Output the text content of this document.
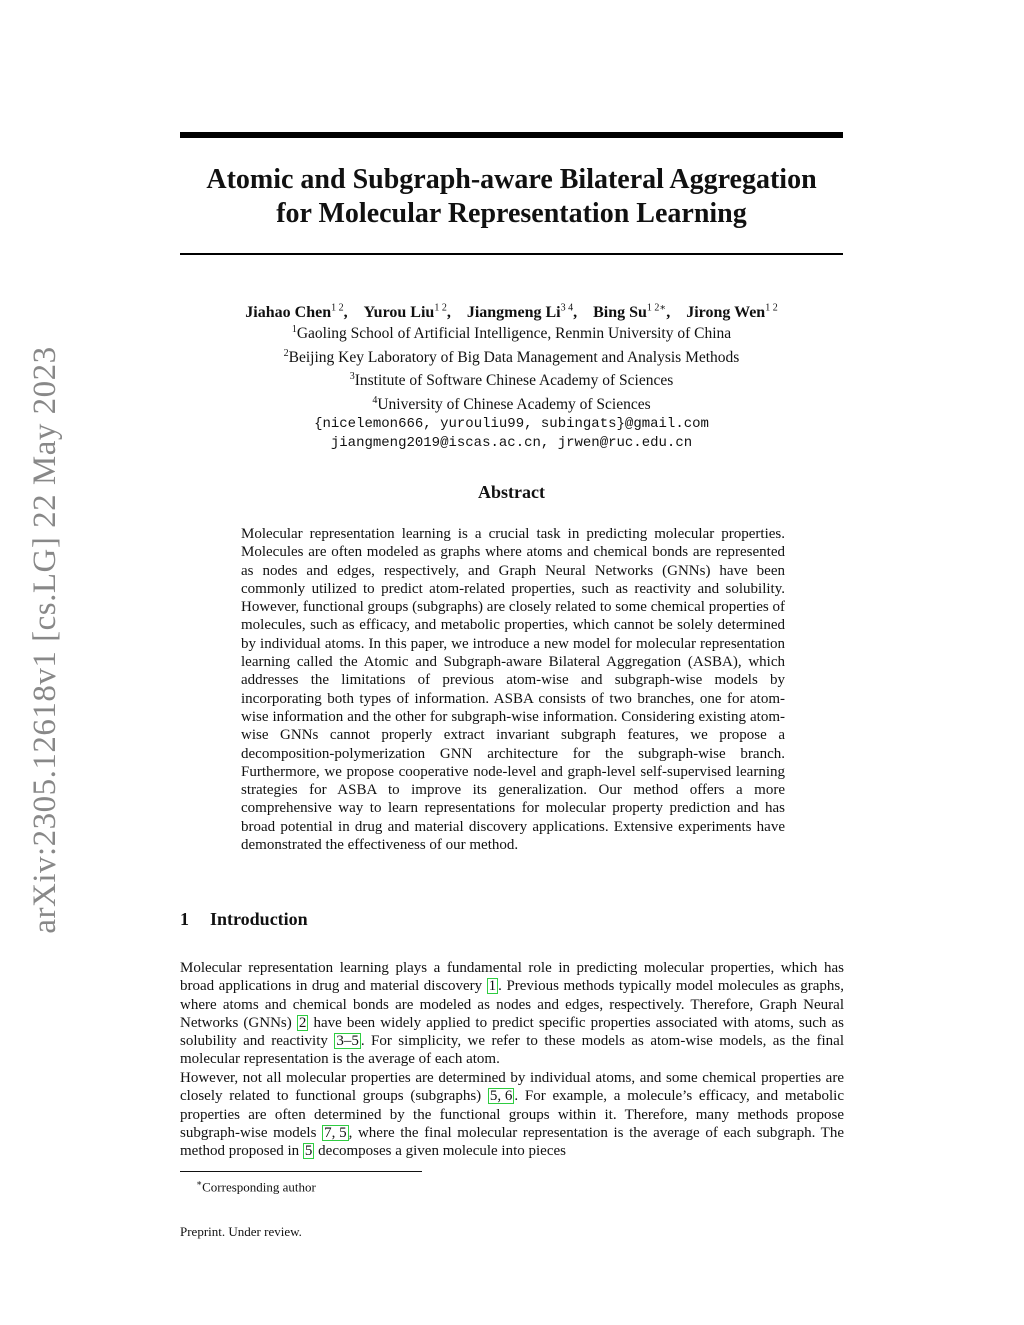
arXiv:2305.12618v1 [cs.LG] 22 May 2023
Atomic and Subgraph-aware Bilateral Aggregation
for Molecular Representation Learning
Jiahao Chen$^{1 2}$, Yurou Liu$^{1 2}$, Jiangmeng $Li^{3 4}$, Bing $Su^{1 2∗}$, Jirong Wen$^{1 2}$
$^1$Gaoling School of Artificial Intelligence, Renmin University of China
$^2$Beijing Key Laboratory of Big Data Management and Analysis Methods
$^3$Institute of Software Chinese Academy of Sciences
$^4$University of Chinese Academy of Sciences
{nicelemon666, yurouliu99, subingats}@gmail.com
jiangmeng2019@iscas.ac.cn, jrwen@ruc.edu.cn
Abstract

Molecular representation learning is a crucial task in predicting molecular properties. Molecules are often modeled as graphs where atoms and chemical bonds are represented as nodes and edges, respectively, and Graph Neural Networks (GNNs) have been commonly utilized to predict atom-related properties, such as reactivity and solubility. However, functional groups (subgraphs) are closely related to some chemical properties of molecules, such as efficacy, and metabolic properties, which cannot be solely determined by individual atoms. In this paper, we introduce a new model for molecular representation learning called the Atomic and Subgraph-aware Bilateral Aggregation (ASBA), which addresses the limitations of previous atom-wise and subgraph-wise models by incorporating both types of information. ASBA consists of two branches, one for atom-wise information and the other for subgraph-wise information. Considering existing atom-wise GNNs cannot properly extract invariant subgraph features, we propose a decomposition-polymerization GNN architecture for the subgraph-wise branch. Furthermore, we propose cooperative node-level and graph-level self-supervised learning strategies for ASBA to improve its generalization. Our method offers a more comprehensive way to learn representations for molecular property prediction and has broad potential in drug and material discovery applications. Extensive experiments have demonstrated the effectiveness of our method.

1 Introduction

Molecular representation learning plays a fundamental role in predicting molecular properties, which has broad applications in drug and material discovery 1 . Previous methods typically model molecules as graphs, where atoms and chemical bonds are modeled as nodes and edges, respectively. Therefore, Graph Neural Networks (GNNs) 2 have been widely applied to predict specific properties associated with atoms, such as solubility and reactivity 3–5 . For simplicity, we refer to these models as atom-wise models, as the final molecular representation is the average of each atom.

However, not all molecular properties are determined by individual atoms, and some chemical properties are closely related to functional groups (subgraphs) 5, 6 . For example, a molecule’s efficacy, and metabolic properties are often determined by the functional groups within it. Therefore, many methods propose subgraph-wise models 7, 5 , where the final molecular representation is the average of each subgraph. The method proposed in 5 decomposes a given molecule into pieces

∗Corresponding author

Preprint. Under review.
